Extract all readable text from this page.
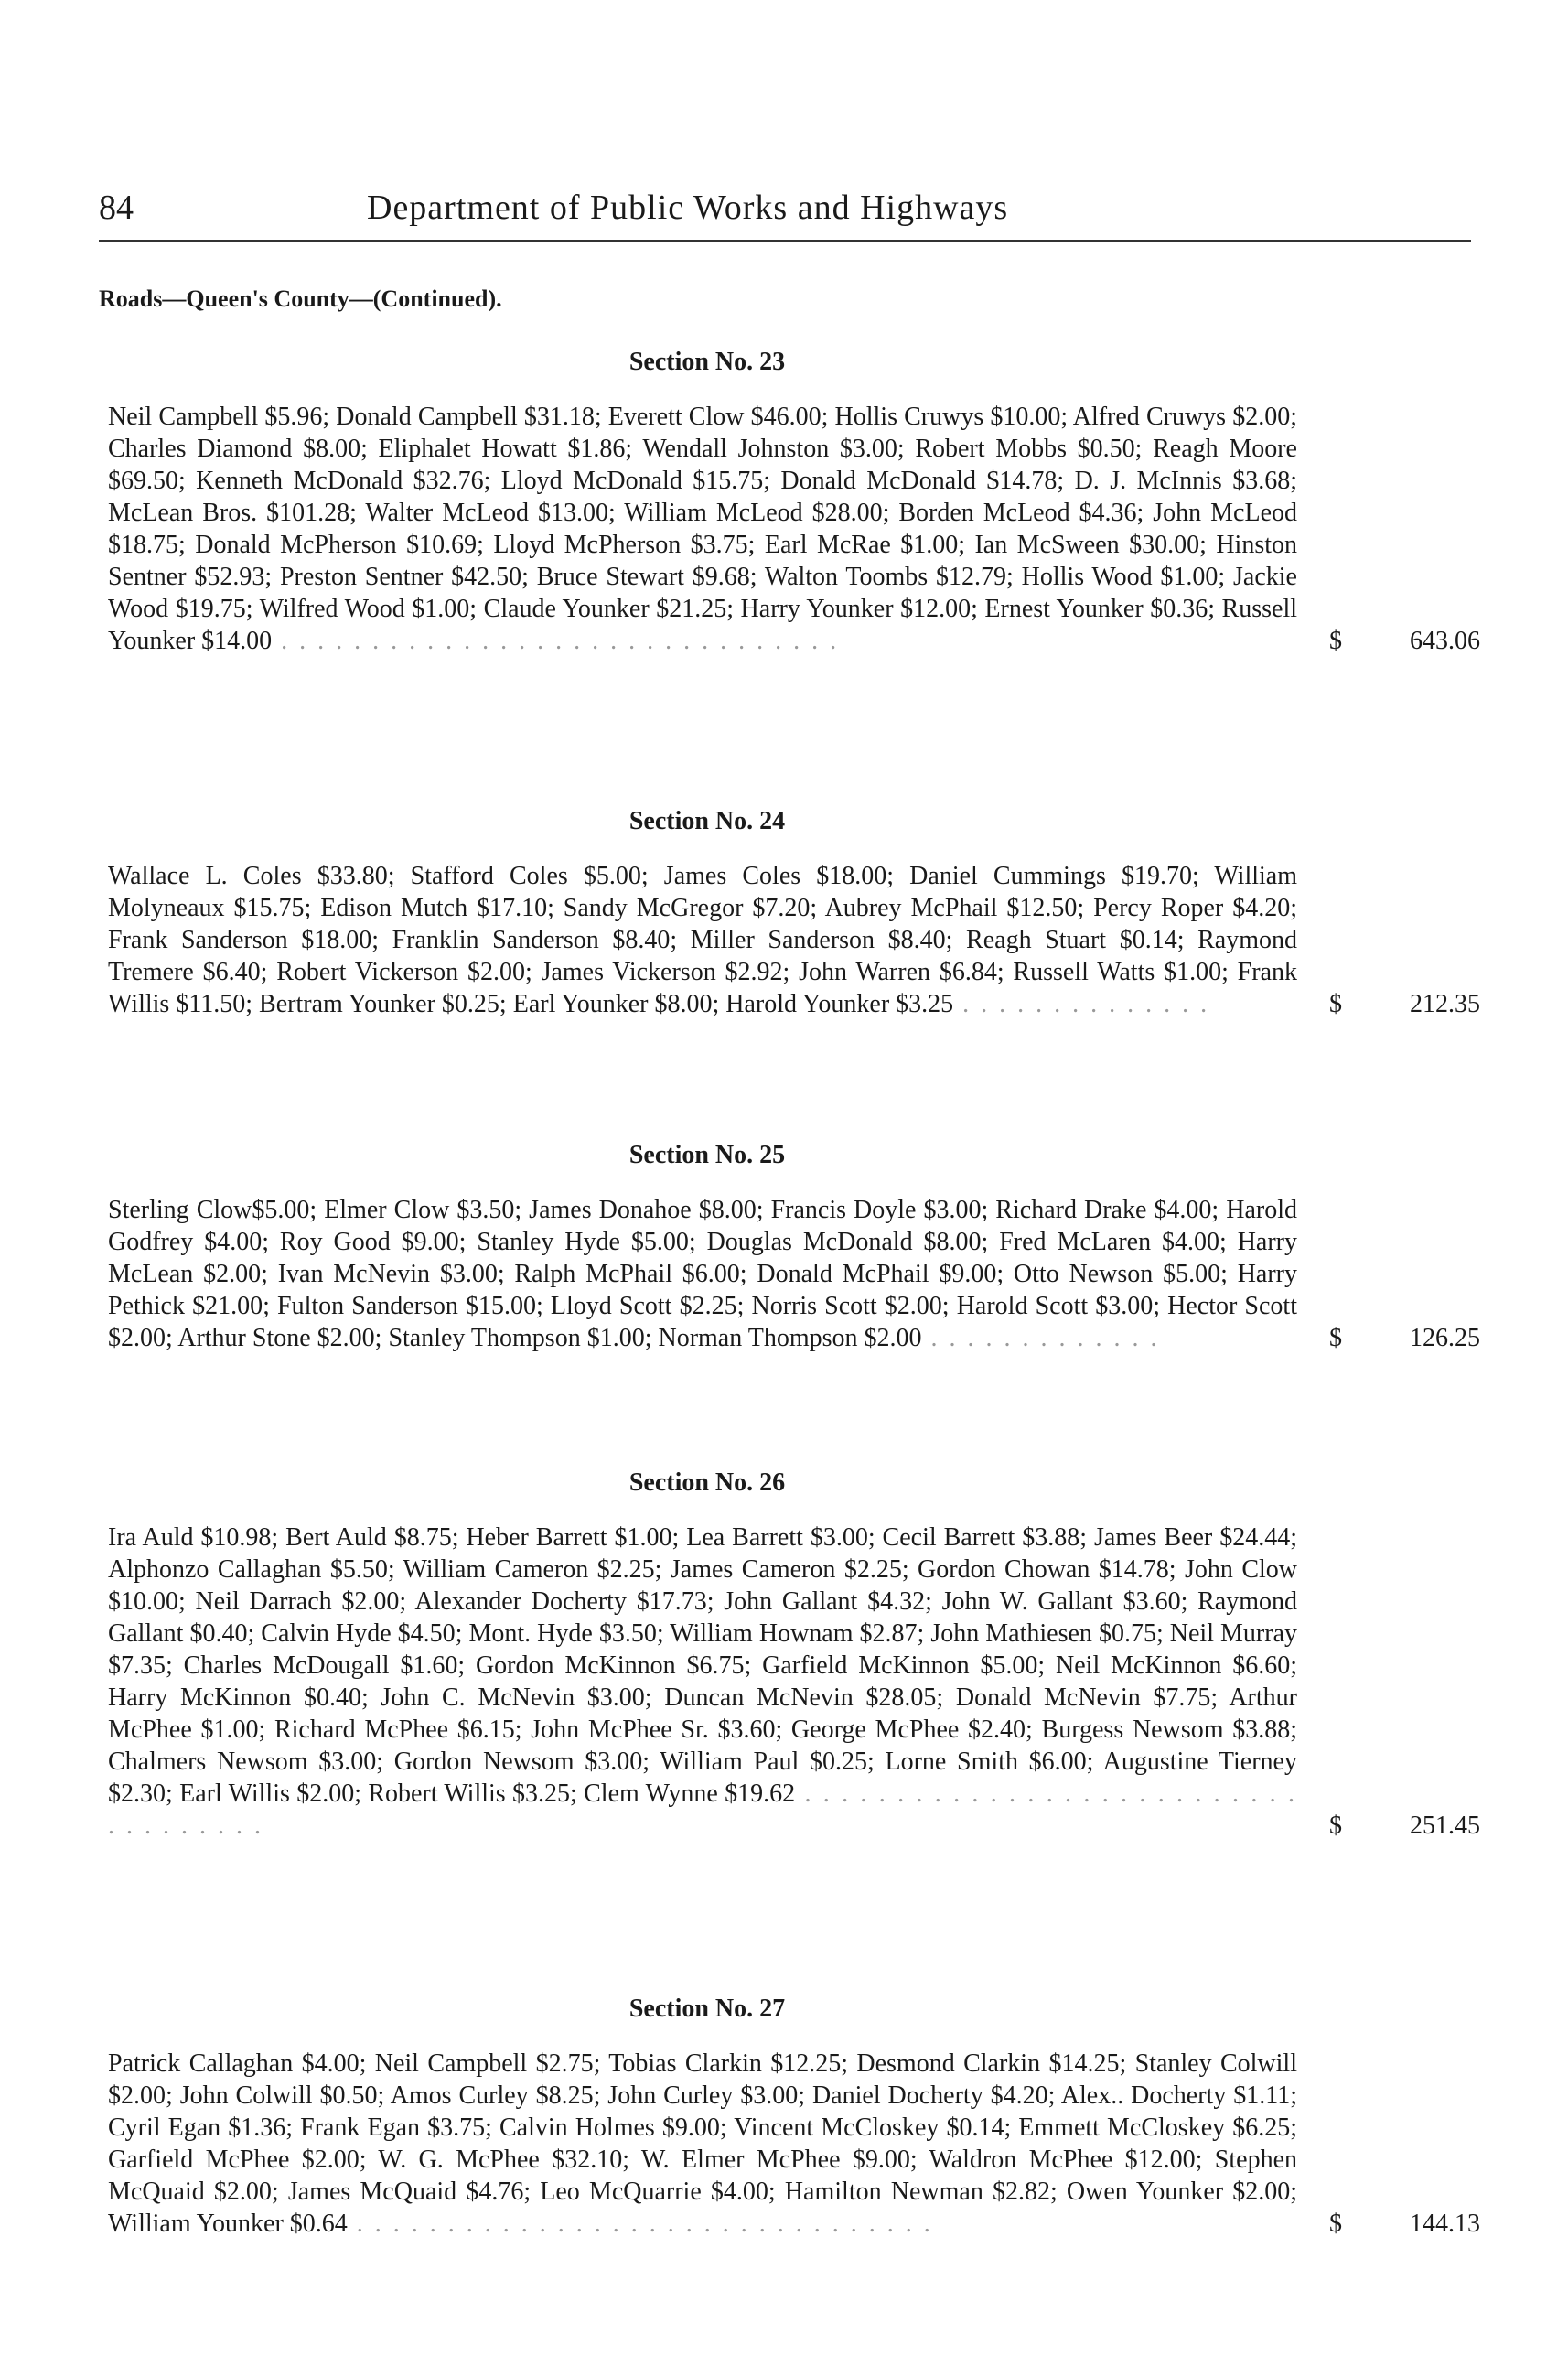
84	Department of Public Works and Highways
Roads—Queen's County—(Continued).
Section No. 23
Neil Campbell $5.96; Donald Campbell $31.18; Everett Clow $46.00; Hollis Cruwys $10.00; Alfred Cruwys $2.00; Charles Diamond $8.00; Eliphalet Howatt $1.86; Wendall Johnston $3.00; Robert Mobbs $0.50; Reagh Moore $69.50; Kenneth McDonald $32.76; Lloyd McDonald $15.75; Donald McDonald $14.78; D. J. McInnis $3.68; McLean Bros. $101.28; Walter McLeod $13.00; William McLeod $28.00; Borden McLeod $4.36; John McLeod $18.75; Donald McPherson $10.69; Lloyd McPherson $3.75; Earl McRae $1.00; Ian McSween $30.00; Hinston Sentner $52.93; Preston Sentner $42.50; Bruce Stewart $9.68; Walton Toombs $12.79; Hollis Wood $1.00; Jackie Wood $19.75; Wilfred Wood $1.00; Claude Younker $21.25; Harry Younker $12.00; Ernest Younker $0.36; Russell Younker $14.00 . . . . . . . . . . . . . . . . . . . . . . . . . . . . . . .	$	643.06
Section No. 24
Wallace L. Coles $33.80; Stafford Coles $5.00; James Coles $18.00; Daniel Cummings $19.70; William Molyneaux $15.75; Edison Mutch $17.10; Sandy McGregor $7.20; Aubrey McPhail $12.50; Percy Roper $4.20; Frank Sanderson $18.00; Franklin Sanderson $8.40; Miller Sanderson $8.40; Reagh Stuart $0.14; Raymond Tremere $6.40; Robert Vickerson $2.00; James Vickerson $2.92; John Warren $6.84; Russell Watts $1.00; Frank Willis $11.50; Bertram Younker $0.25; Earl Younker $8.00; Harold Younker $3.25 . . . . . . . . . . . . . .	$	212.35
Section No. 25
Sterling Clow$5.00; Elmer Clow $3.50; James Donahoe $8.00; Francis Doyle $3.00; Richard Drake $4.00; Harold Godfrey $4.00; Roy Good $9.00; Stanley Hyde $5.00; Douglas McDonald $8.00; Fred McLaren $4.00; Harry McLean $2.00; Ivan McNevin $3.00; Ralph McPhail $6.00; Donald McPhail $9.00; Otto Newson $5.00; Harry Pethick $21.00; Fulton Sanderson $15.00; Lloyd Scott $2.25; Norris Scott $2.00; Harold Scott $3.00; Hector Scott $2.00; Arthur Stone $2.00; Stanley Thompson $1.00; Norman Thompson $2.00 . . . . . . . . . . . . .	$	126.25
Section No. 26
Ira Auld $10.98; Bert Auld $8.75; Heber Barrett $1.00; Lea Barrett $3.00; Cecil Barrett $3.88; James Beer $24.44; Alphonzo Callaghan $5.50; William Cameron $2.25; James Cameron $2.25; Gordon Chowan $14.78; John Clow $10.00; Neil Darrach $2.00; Alexander Docherty $17.73; John Gallant $4.32; John W. Gallant $3.60; Raymond Gallant $0.40; Calvin Hyde $4.50; Mont. Hyde $3.50; William Hownam $2.87; John Mathiesen $0.75; Neil Murray $7.35; Charles McDougall $1.60; Gordon McKinnon $6.75; Garfield McKinnon $5.00; Neil McKinnon $6.60; Harry McKinnon $0.40; John C. McNevin $3.00; Duncan McNevin $28.05; Donald McNevin $7.75; Arthur McPhee $1.00; Richard McPhee $6.15; John McPhee Sr. $3.60; George McPhee $2.40; Burgess Newsom $3.88; Chalmers Newsom $3.00; Gordon Newsom $3.00; William Paul $0.25; Lorne Smith $6.00; Augustine Tierney $2.30; Earl Willis $2.00; Robert Willis $3.25; Clem Wynne $19.62 . . . . . . . . . . . . . . . . . . . . . . . . . . . . . . . . . . . .	$	251.45
Section No. 27
Patrick Callaghan $4.00; Neil Campbell $2.75; Tobias Clarkin $12.25; Desmond Clarkin $14.25; Stanley Colwill $2.00; John Colwill $0.50; Amos Curley $8.25; John Curley $3.00; Daniel Docherty $4.20; Alex.. Docherty $1.11; Cyril Egan $1.36; Frank Egan $3.75; Calvin Holmes $9.00; Vincent McCloskey $0.14; Emmett McCloskey $6.25; Garfield McPhee $2.00; W. G. McPhee $32.10; W. Elmer McPhee $9.00; Waldron McPhee $12.00; Stephen McQuaid $2.00; James McQuaid $4.76; Leo McQuarrie $4.00; Hamilton Newman $2.82; Owen Younker $2.00; William Younker $0.64 . . . . . . . . . . . . . . . . . . . . . . . . . . . . . . . .	$	144.13
